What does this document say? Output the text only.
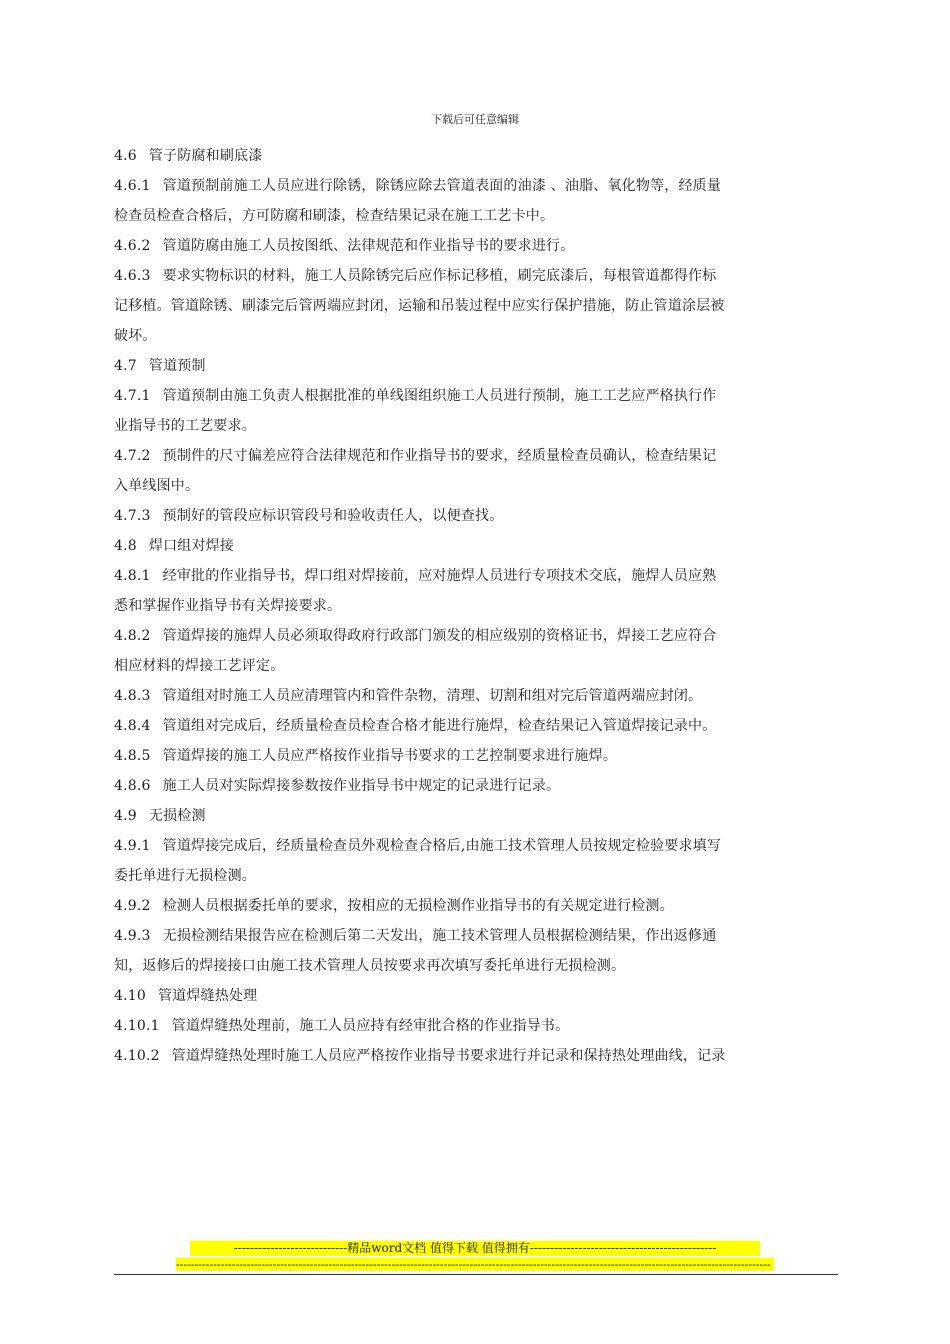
下载后可任意编辑
4.6 管子防腐和刷底漆
4.6.1 管道预制前施工人员应进行除锈，除锈应除去管道表面的油漆 、油脂、氧化物等，经质量
检查员检查合格后，方可防腐和刷漆，检查结果记录在施工工艺卡中。
4.6.2 管道防腐由施工人员按图纸、法律规范和作业指导书的要求进行。
4.6.3 要求实物标识的材料，施工人员除锈完后应作标记移植，刷完底漆后，每根管道都得作标
记移植。管道除锈、刷漆完后管两端应封闭，运输和吊装过程中应实行保护措施，防止管道涂层被
破坏。
4.7 管道预制
4.7.1 管道预制由施工负责人根据批准的单线图组织施工人员进行预制，施工工艺应严格执行作
业指导书的工艺要求。
4.7.2 预制件的尺寸偏差应符合法律规范和作业指导书的要求，经质量检查员确认，检查结果记
入单线图中。
4.7.3 预制好的管段应标识管段号和验收责任人，以便查找。
4.8 焊口组对焊接
4.8.1 经审批的作业指导书，焊口组对焊接前，应对施焊人员进行专项技术交底，施焊人员应熟
悉和掌握作业指导书有关焊接要求。
4.8.2 管道焊接的施焊人员必须取得政府行政部门颁发的相应级别的资格证书，焊接工艺应符合
相应材料的焊接工艺评定。
4.8.3 管道组对时施工人员应清理管内和管件杂物，清理、切割和组对完后管道两端应封闭。
4.8.4 管道组对完成后，经质量检查员检查合格才能进行施焊，检查结果记入管道焊接记录中。
4.8.5 管道焊接的施工人员应严格按作业指导书要求的工艺控制要求进行施焊。
4.8.6 施工人员对实际焊接参数按作业指导书中规定的记录进行记录。
4.9 无损检测
4.9.1 管道焊接完成后，经质量检查员外观检查合格后,由施工技术管理人员按规定检验要求填写
委托单进行无损检测。
4.9.2 检测人员根据委托单的要求，按相应的无损检测作业指导书的有关规定进行检测。
4.9.3 无损检测结果报告应在检测后第二天发出，施工技术管理人员根据检测结果，作出返修通
知，返修后的焊接接口由施工技术管理人员按要求再次填写委托单进行无损检测。
4.10 管道焊缝热处理
4.10.1 管道焊缝热处理前，施工人员应持有经审批合格的作业指导书。
4.10.2 管道焊缝热处理时施工人员应严格按作业指导书要求进行并记录和保持热处理曲线，记录
----------------------------精品word文档 值得下载 值得拥有----------------------------------------------
----------------------------------------------------------------------------------------------------------------------------------------------------------------
